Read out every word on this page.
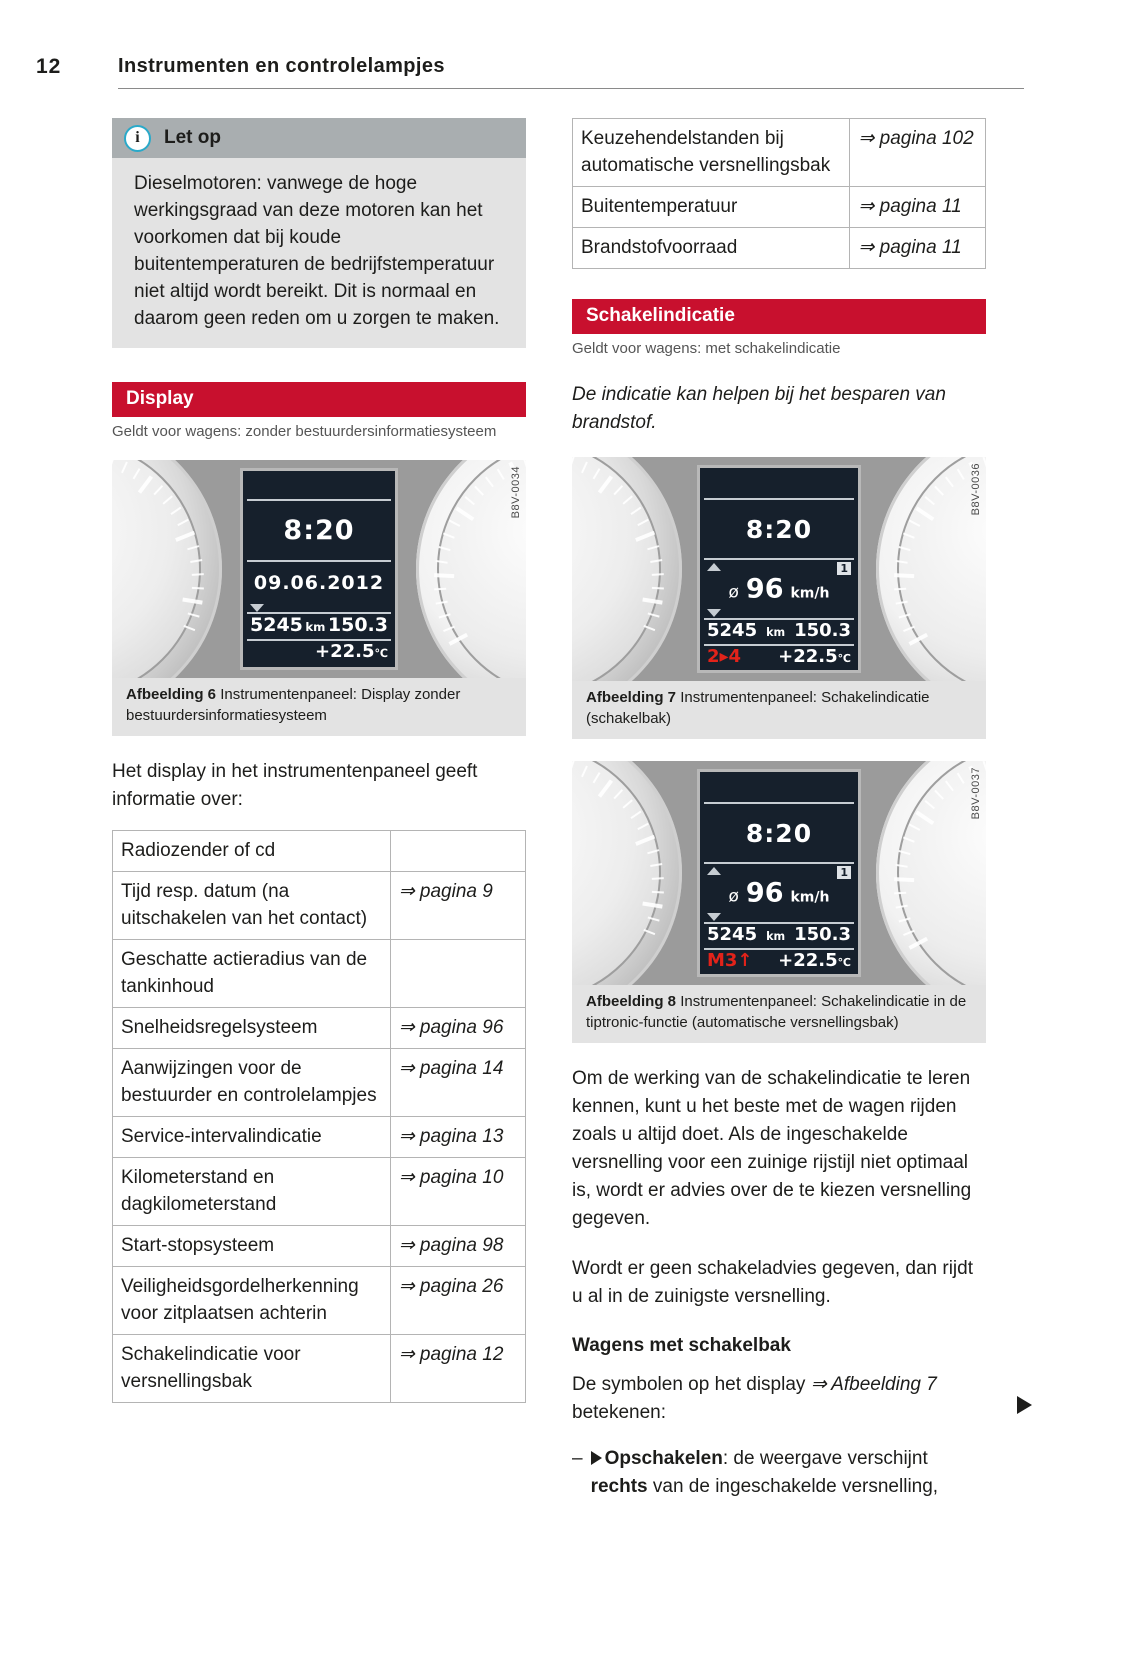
12	Instrumenten en controlelampjes
i	Let op
Dieselmotoren: vanwege de hoge werkingsgraad van deze motoren kan het voorkomen dat bij koude buitentemperaturen de bedrijfstemperatuur niet altijd wordt bereikt. Dit is normaal en daarom geen reden om u zorgen te maken.
Display
Geldt voor wagens: zonder bestuurdersinformatiesysteem
8:20
09.06.2012
5245 km 150.3
+22.5 ℃
B8V-0034
Afbeelding 6 Instrumentenpaneel: Display zonder bestuurdersinformatiesysteem
Het display in het instrumentenpaneel geeft informatie over:
Radiozender of cd	
Tijd resp. datum (na uitschakelen van het contact)	⇒ pagina 9
Geschatte actieradius van de tankinhoud	
Snelheidsregelsysteem	⇒ pagina 96
Aanwijzingen voor de bestuurder en controlelampjes	⇒ pagina 14
Service-intervalindicatie	⇒ pagina 13
Kilometerstand en dagkilometerstand	⇒ pagina 10
Start-stopsysteem	⇒ pagina 98
Veiligheidsgordelherkenning voor zitplaatsen achterin	⇒ pagina 26
Schakelindicatie voor versnellingsbak	⇒ pagina 12
Keuzehendelstanden bij automatische versnellingsbak	⇒ pagina 102
Buitentemperatuur	⇒ pagina 11
Brandstofvoorraad	⇒ pagina 11
Schakelindicatie
Geldt voor wagens: met schakelindicatie
De indicatie kan helpen bij het besparen van brandstof.
8:20
1
ø 96 km/h
5245 km 150.3
2▸4 +22.5℃
B8V-0036
Afbeelding 7 Instrumentenpaneel: Schakelindicatie (schakelbak)
8:20
1
ø 96 km/h
5245 km 150.3
M3↑ +22.5℃
B8V-0037
Afbeelding 8 Instrumentenpaneel: Schakelindicatie in de tiptronic-functie (automatische versnellingsbak)
Om de werking van de schakelindicatie te leren kennen, kunt u het beste met de wagen rijden zoals u altijd doet. Als de ingeschakelde versnelling voor een zuinige rijstijl niet optimaal is, wordt er advies over de te kiezen versnelling gegeven.
Wordt er geen schakeladvies gegeven, dan rijdt u al in de zuinigste versnelling.
Wagens met schakelbak
De symbolen op het display ⇒ Afbeelding 7 betekenen:
–	Opschakelen: de weergave verschijnt rechts van de ingeschakelde versnelling,
